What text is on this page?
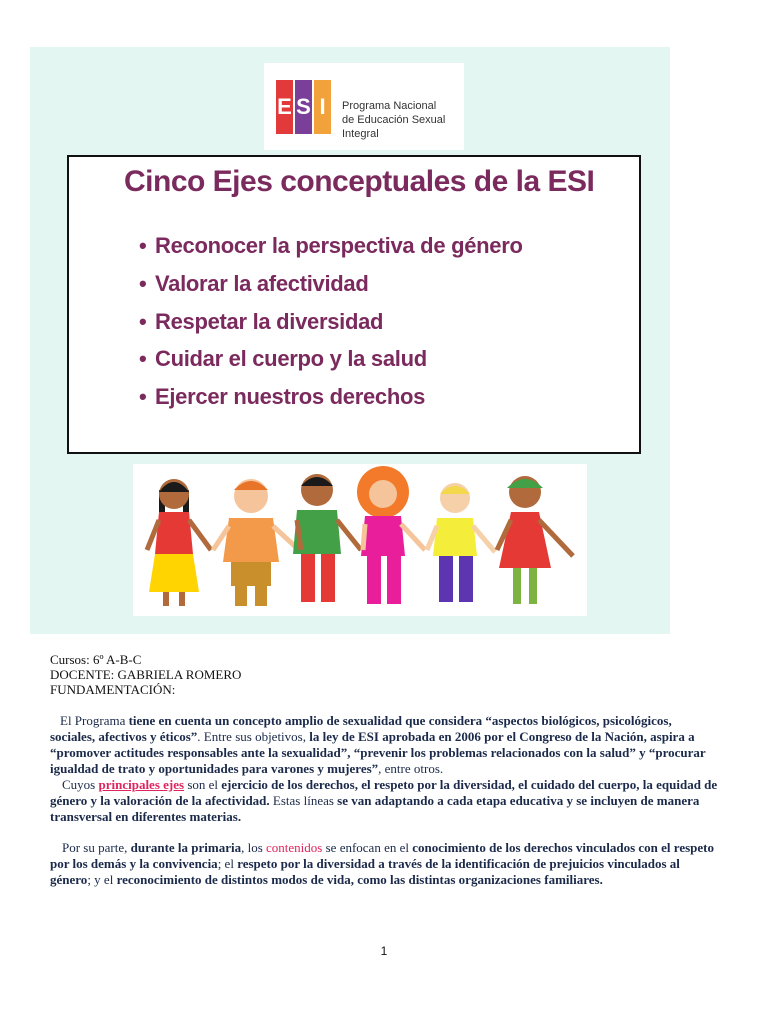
E S I	Programa Nacional
de Educación Sexual Integral
Cinco Ejes conceptuales de la ESI
• Reconocer la perspectiva de género
• Valorar la afectividad
• Respetar la diversidad
• Cuidar el cuerpo y la salud
• Ejercer nuestros derechos
Cursos: 6º A-B-C
DOCENTE: GABRIELA ROMERO
FUNDAMENTACIÓN:
El Programa tiene en cuenta un concepto amplio de sexualidad que considera “aspectos biológicos, psicológicos, sociales, afectivos y éticos”. Entre sus objetivos, la ley de ESI aprobada en 2006 por el Congreso de la Nación, aspira a “promover actitudes responsables ante la sexualidad”, “prevenir los problemas relacionados con la salud” y “procurar igualdad de trato y oportunidades para varones y mujeres”, entre otros.
Cuyos principales ejes son el ejercicio de los derechos, el respeto por la diversidad, el cuidado del cuerpo, la equidad de género y la valoración de la afectividad. Estas líneas se van adaptando a cada etapa educativa y se incluyen de manera transversal en diferentes materias.
Por su parte, durante la primaria, los contenidos se enfocan en el conocimiento de los derechos vinculados con el respeto por los demás y la convivencia; el respeto por la diversidad a través de la identificación de prejuicios vinculados al género; y el reconocimiento de distintos modos de vida, como las distintas organizaciones familiares.
1
